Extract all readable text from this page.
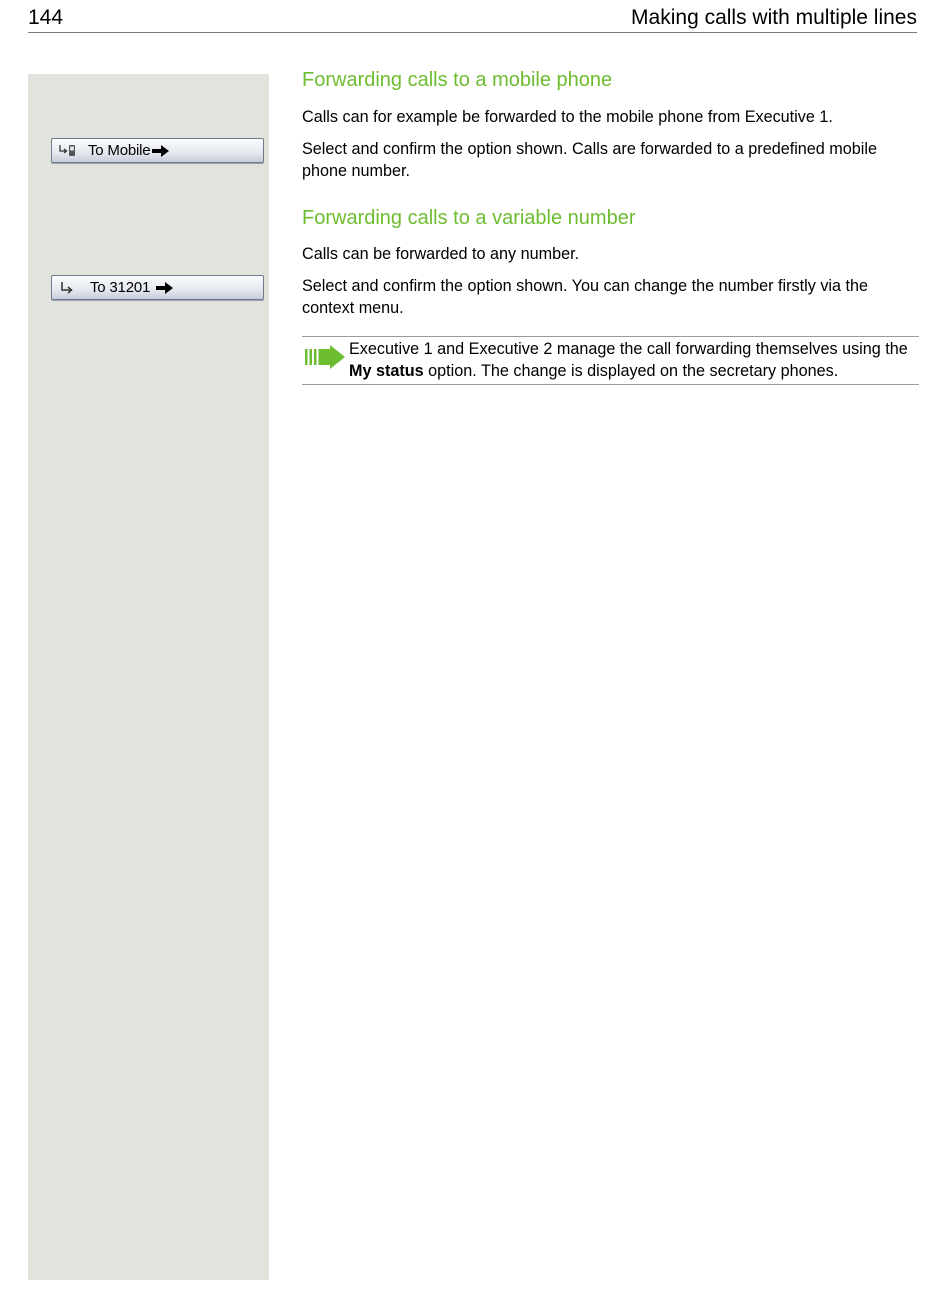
144	Making calls with multiple lines
To Mobile
To 31201
Forwarding calls to a mobile phone

Calls can for example be forwarded to the mobile phone from Executive 1.

Select and confirm the option shown. Calls are forwarded to a predefined mobile phone number.

Forwarding calls to a variable number

Calls can be forwarded to any number.

Select and confirm the option shown. You can change the number firstly via the context menu.

Executive 1 and Executive 2 manage the call forwarding themselves using the My status option. The change is displayed on the secretary phones.
